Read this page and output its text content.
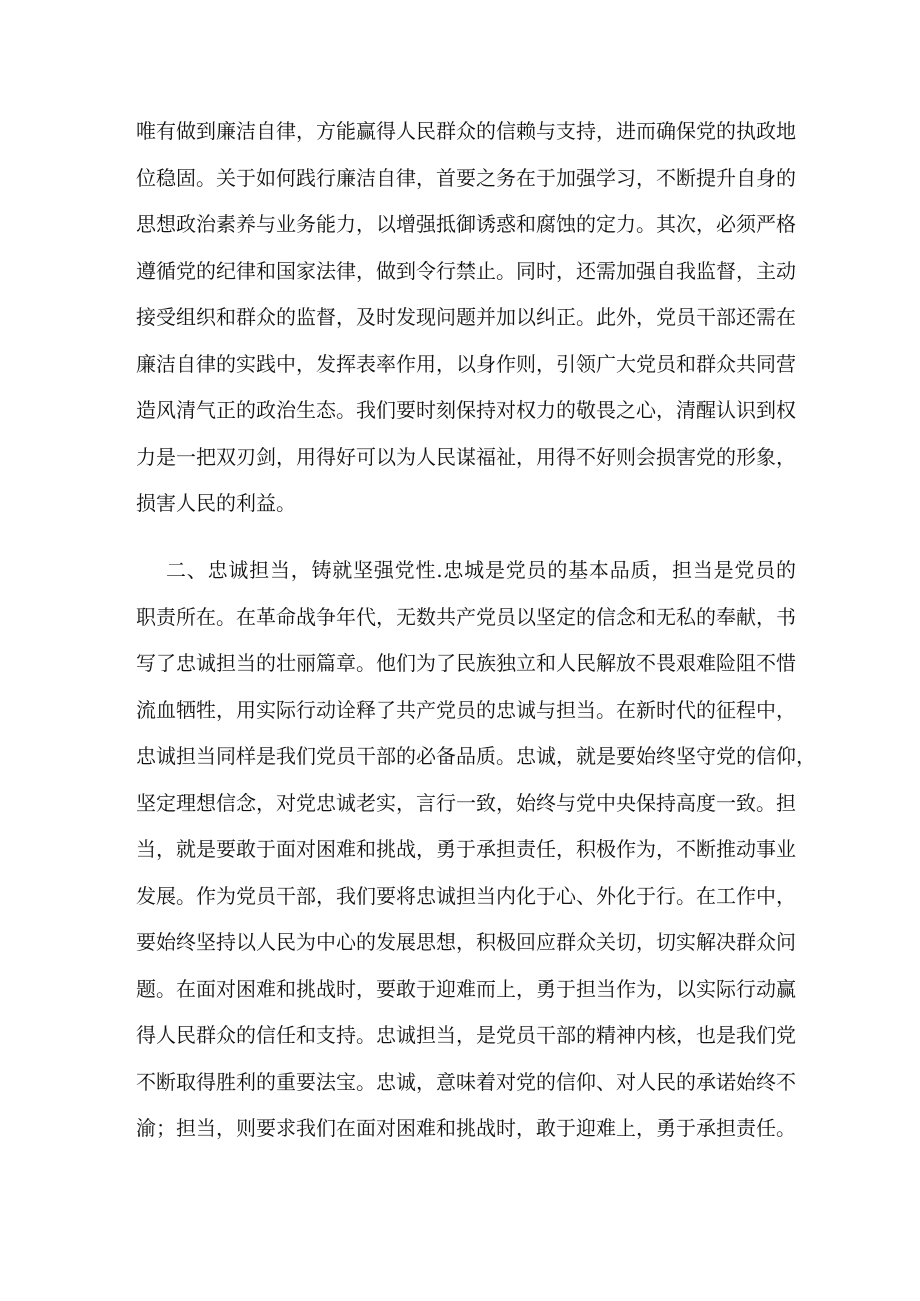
唯有做到廉洁自律，方能赢得人民群众的信赖与支持，进而确保党的执政地
位稳固。关于如何践行廉洁自律，首要之务在于加强学习，不断提升自身的
思想政治素养与业务能力，以增强抵御诱惑和腐蚀的定力。其次，必须严格
遵循党的纪律和国家法律，做到令行禁止。同时，还需加强自我监督，主动
接受组织和群众的监督，及时发现问题并加以纠正。此外，党员干部还需在
廉洁自律的实践中，发挥表率作用，以身作则，引领广大党员和群众共同营
造风清气正的政治生态。我们要时刻保持对权力的敬畏之心，清醒认识到权
力是一把双刃剑，用得好可以为人民谋福祉，用得不好则会损害党的形象，
损害人民的利益。
二、忠诚担当，铸就坚强党性.忠城是党员的基本品质，担当是党员的
职责所在。在革命战争年代，无数共产党员以坚定的信念和无私的奉献，书
写了忠诚担当的壮丽篇章。他们为了民族独立和人民解放不畏艰难险阻不惜
流血牺牲，用实际行动诠释了共产党员的忠诚与担当。在新时代的征程中，
忠诚担当同样是我们党员干部的必备品质。忠诚，就是要始终坚守党的信仰，
坚定理想信念，对党忠诚老实，言行一致，始终与党中央保持高度一致。担
当，就是要敢于面对困难和挑战，勇于承担责任，积极作为，不断推动事业
发展。作为党员干部，我们要将忠诚担当内化于心、外化于行。在工作中，
要始终坚持以人民为中心的发展思想，积极回应群众关切，切实解决群众问
题。在面对困难和挑战时，要敢于迎难而上，勇于担当作为，以实际行动赢
得人民群众的信任和支持。忠诚担当，是党员干部的精神内核，也是我们党
不断取得胜利的重要法宝。忠诚，意味着对党的信仰、对人民的承诺始终不
渝；担当，则要求我们在面对困难和挑战时，敢于迎难上，勇于承担责任。
